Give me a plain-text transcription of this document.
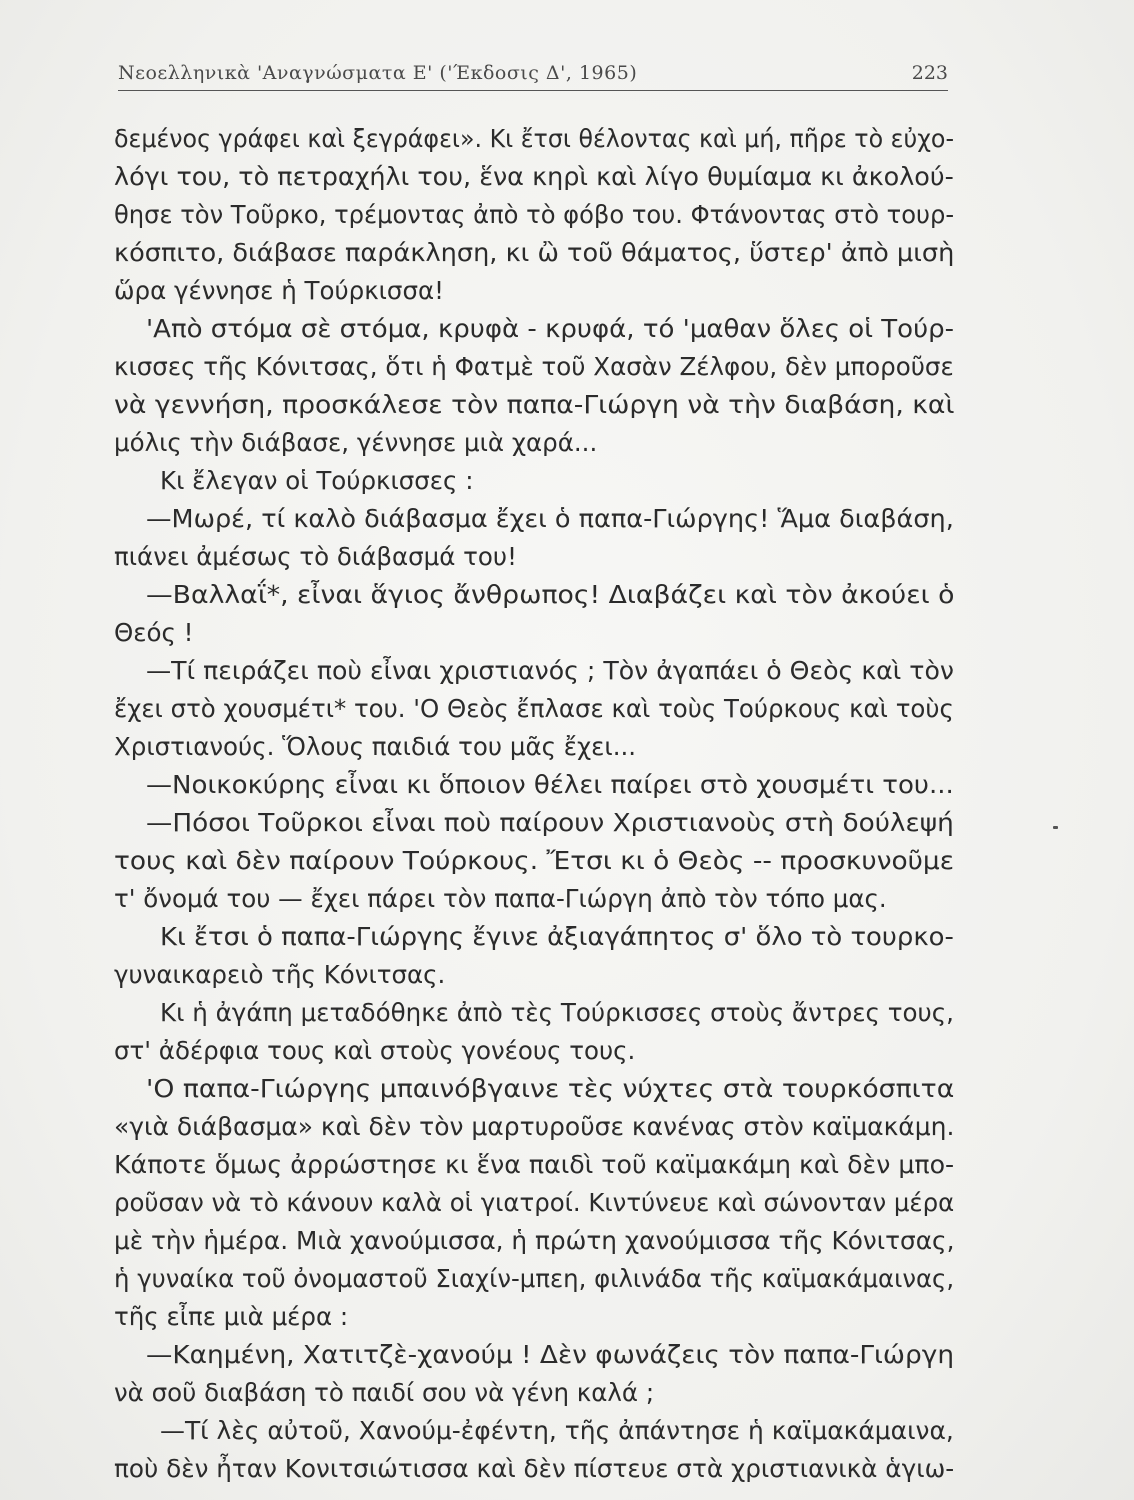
Νεοελληνικὰ 'Αναγνώσματα Ε' ('Έκδοσις Δ', 1965)	223
δεμένος γράφει καὶ ξεγράφει». Κι ἔτσι θέλοντας καὶ μή, πῆρε τὸ εὐχο-
λόγι του, τὸ πετραχήλι του, ἕνα κηρὶ καὶ λίγο θυμίαμα κι ἀκολού-
θησε τὸν Τοῦρκο, τρέμοντας ἀπὸ τὸ φόβο του. Φτάνοντας στὸ τουρ-
κόσπιτο, διάβασε παράκληση, κι ὢ τοῦ θάματος, ὕστερ' ἀπὸ μισὴ
ὥρα γέννησε ἡ Τούρκισσα!
'Απὸ στόμα σὲ στόμα, κρυφὰ - κρυφά, τό 'μαθαν ὅλες οἱ Τούρ-
κισσες τῆς Κόνιτσας, ὅτι ἡ Φατμὲ τοῦ Χασὰν Ζέλφου, δὲν μποροῦσε
νὰ γεννήση, προσκάλεσε τὸν παπα-Γιώργη νὰ τὴν διαβάση, καὶ
μόλις τὴν διάβασε, γέννησε μιὰ χαρά...
Κι ἔλεγαν οἱ Τούρκισσες :
—Μωρέ, τί καλὸ διάβασμα ἔχει ὁ παπα-Γιώργης! Ἅμα διαβάση,
πιάνει ἀμέσως τὸ διάβασμά του!
—Βαλλαΐ*, εἶναι ἅγιος ἄνθρωπος! Διαβάζει καὶ τὸν ἀκούει ὁ
Θεός !
—Τί πειράζει ποὺ εἶναι χριστιανός ; Τὸν ἀγαπάει ὁ Θεὸς καὶ τὸν
ἔχει στὸ χουσμέτι* του. 'Ο Θεὸς ἔπλασε καὶ τοὺς Τούρκους καὶ τοὺς
Χριστιανούς. Ὅλους παιδιά του μᾶς ἔχει...
—Νοικοκύρης εἶναι κι ὅποιον θέλει παίρει στὸ χουσμέτι του...
—Πόσοι Τοῦρκοι εἶναι ποὺ παίρουν Χριστιανοὺς στὴ δούλεψή
τους καὶ δὲν παίρουν Τούρκους. Ἔτσι κι ὁ Θεὸς -- προσκυνοῦμε
τ' ὄνομά του — ἔχει πάρει τὸν παπα-Γιώργη ἀπὸ τὸν τόπο μας.
Κι ἔτσι ὁ παπα-Γιώργης ἔγινε ἀξιαγάπητος σ' ὅλο τὸ τουρκο-
γυναικαρειὸ τῆς Κόνιτσας.
Κι ἡ ἀγάπη μεταδόθηκε ἀπὸ τὲς Τούρκισσες στοὺς ἄντρες τους,
στ' ἀδέρφια τους καὶ στοὺς γονέους τους.
'Ο παπα-Γιώργης μπαινόβγαινε τὲς νύχτες στὰ τουρκόσπιτα
«γιὰ διάβασμα» καὶ δὲν τὸν μαρτυροῦσε κανένας στὸν καϊμακάμη.
Κάποτε ὅμως ἀρρώστησε κι ἕνα παιδὶ τοῦ καϊμακάμη καὶ δὲν μπο-
ροῦσαν νὰ τὸ κάνουν καλὰ οἱ γιατροί. Κιντύνευε καὶ σώνονταν μέρα
μὲ τὴν ἡμέρα. Μιὰ χανούμισσα, ἡ πρώτη χανούμισσα τῆς Κόνιτσας,
ἡ γυναίκα τοῦ ὀνομαστοῦ Σιαχίν-μπεη, φιλινάδα τῆς καϊμακάμαινας,
τῆς εἶπε μιὰ μέρα :
—Καημένη, Χατιτζὲ-χανούμ ! Δὲν φωνάζεις τὸν παπα-Γιώργη
νὰ σοῦ διαβάση τὸ παιδί σου νὰ γένη καλά ;
—Τί λὲς αὐτοῦ, Χανούμ-ἐφέντη, τῆς ἀπάντησε ἡ καϊμακάμαινα,
ποὺ δὲν ἦταν Κονιτσιώτισσα καὶ δὲν πίστευε στὰ χριστιανικὰ ἁγιω-
